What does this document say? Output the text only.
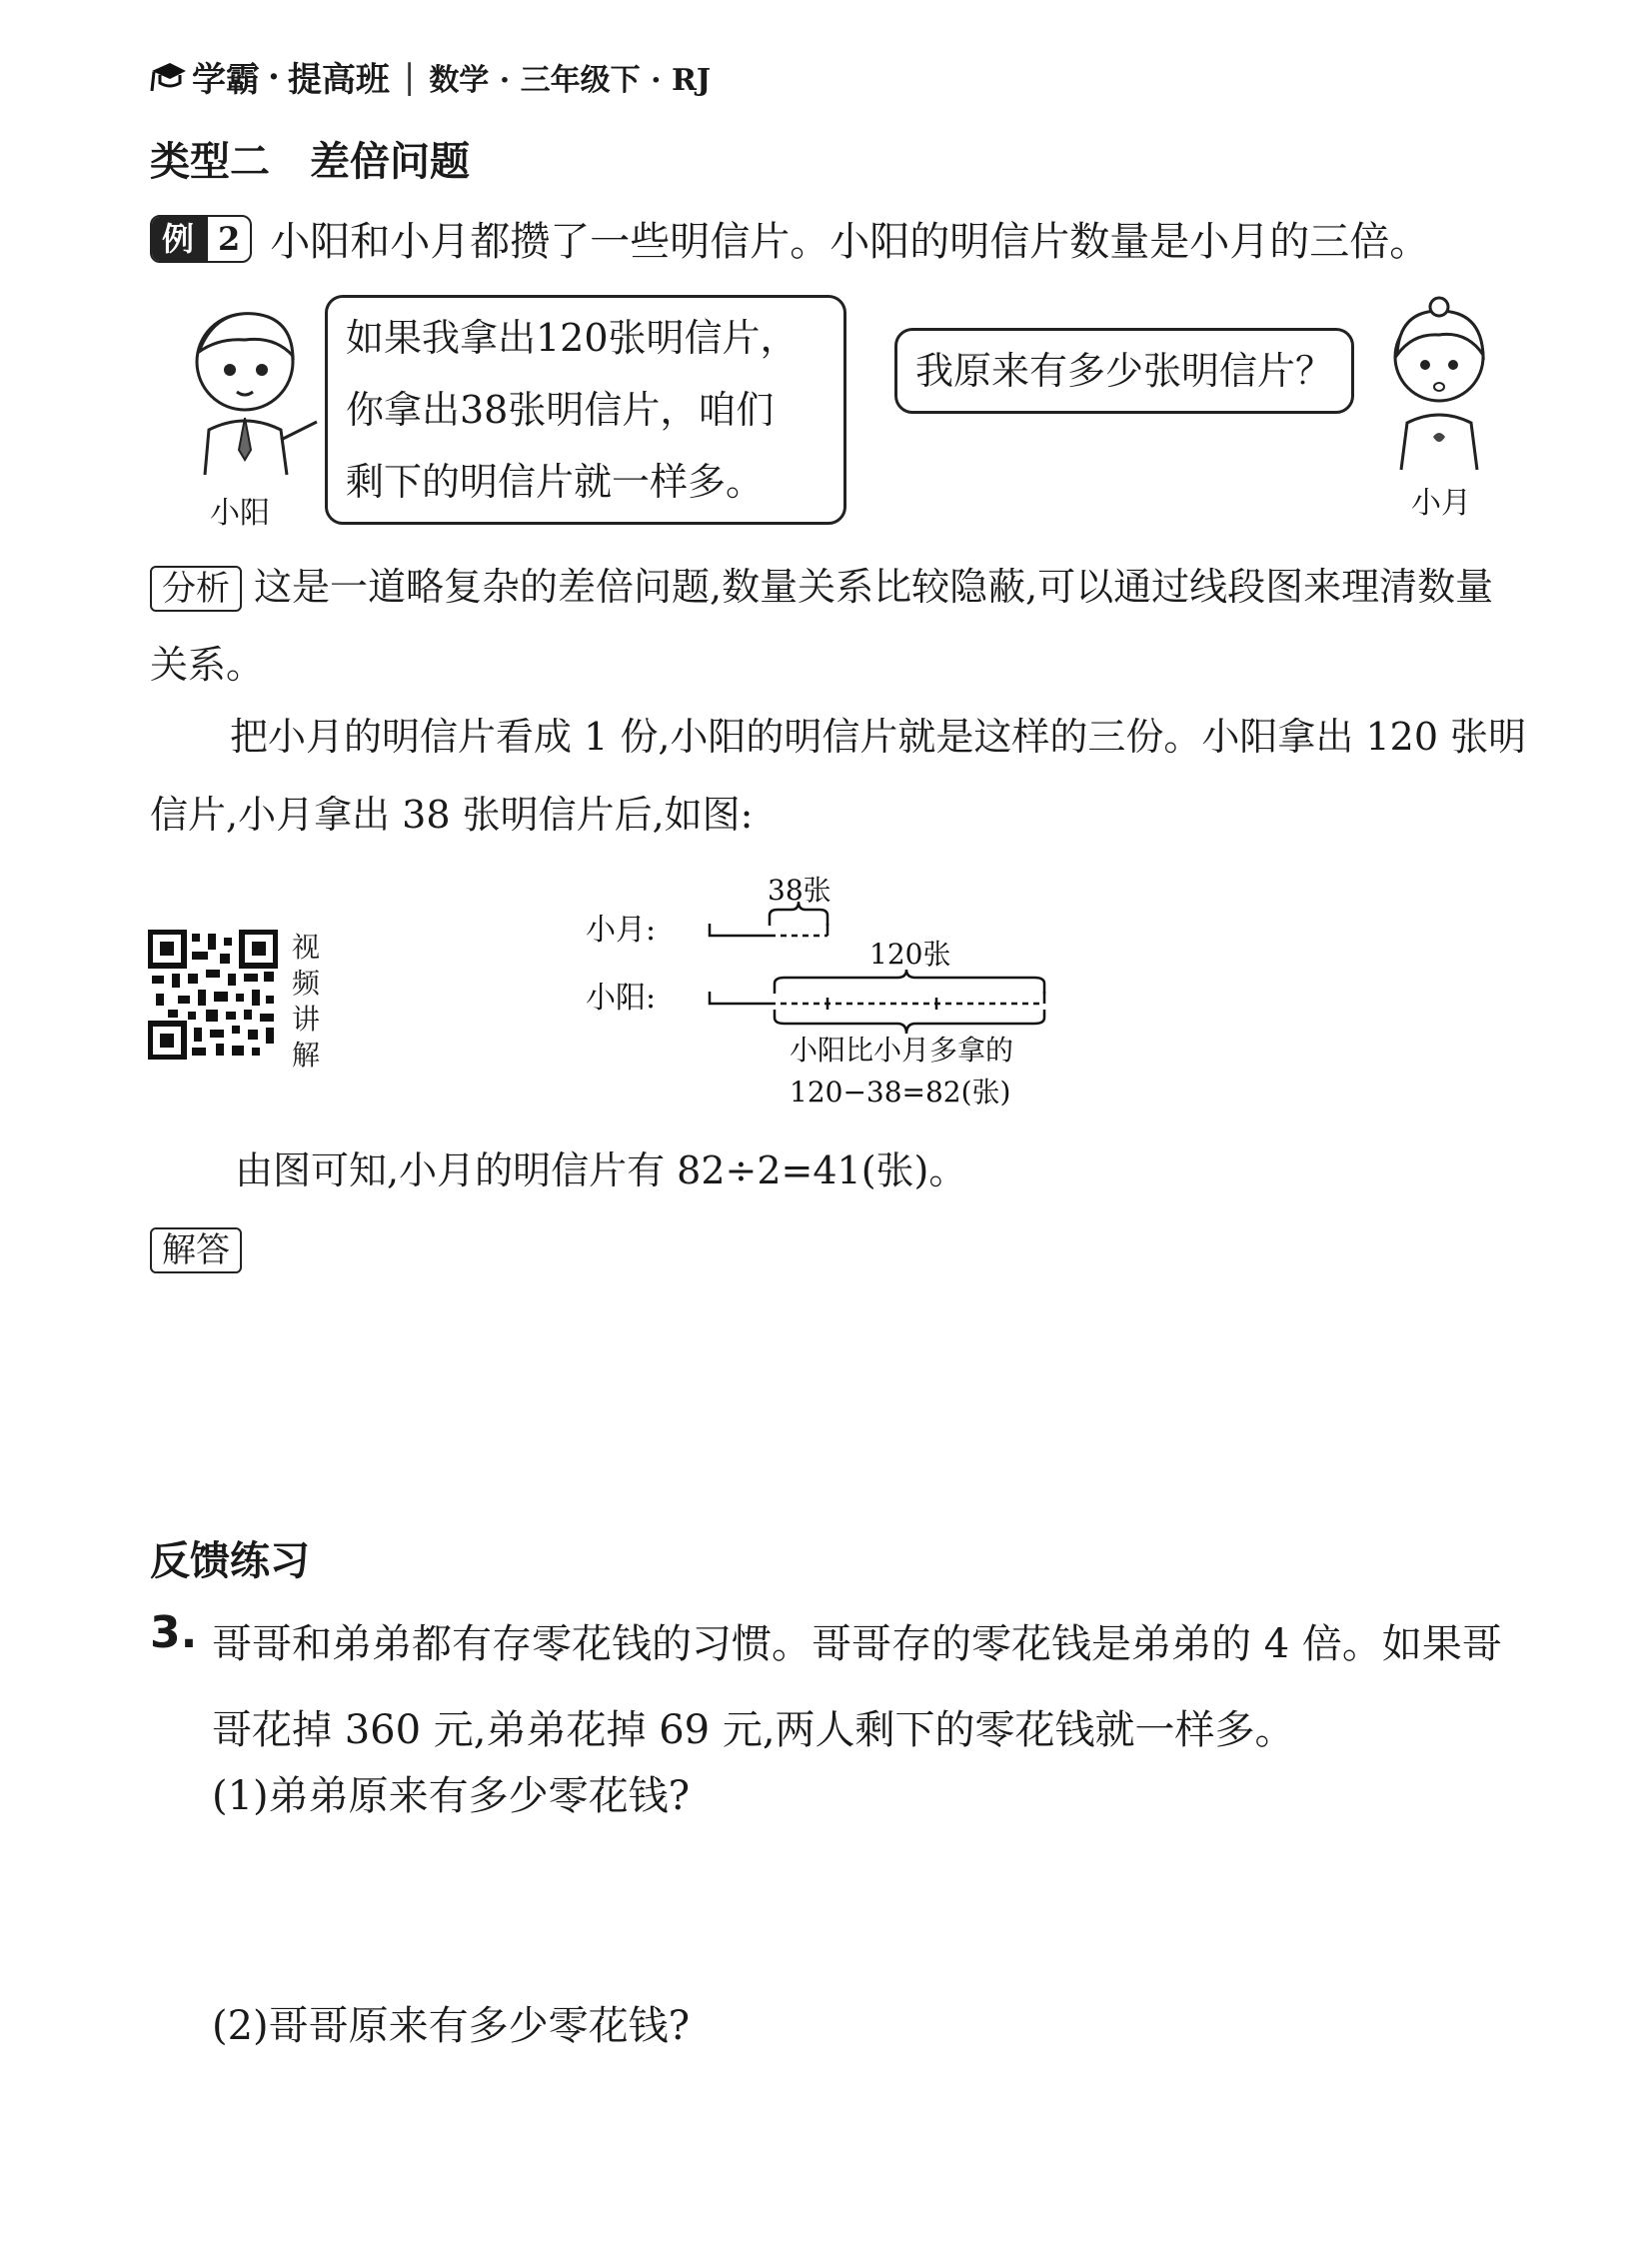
学霸 · 提高班 | 数学 · 三年级下 · RJ
类型二　差倍问题
例 2 小阳和小月都攒了一些明信片。小阳的明信片数量是小月的三倍。
小阳
如果我拿出120张明信片，
你拿出38张明信片，咱们
剩下的明信片就一样多。
我原来有多少张明信片？
小月
分析 这是一道略复杂的差倍问题,数量关系比较隐蔽,可以通过线段图来理清数量关系。
把小月的明信片看成 1 份,小阳的明信片就是这样的三份。小阳拿出 120 张明信片,小月拿出 38 张明信片后,如图:
视频讲解
小月:
小阳:
38张
120张
小阳比小月多拿的
120−38=82(张)
由图可知,小月的明信片有 82÷2=41(张)。
解答
反馈练习
3. 哥哥和弟弟都有存零花钱的习惯。哥哥存的零花钱是弟弟的 4 倍。如果哥哥花掉 360 元,弟弟花掉 69 元,两人剩下的零花钱就一样多。
(1)弟弟原来有多少零花钱?
(2)哥哥原来有多少零花钱?
